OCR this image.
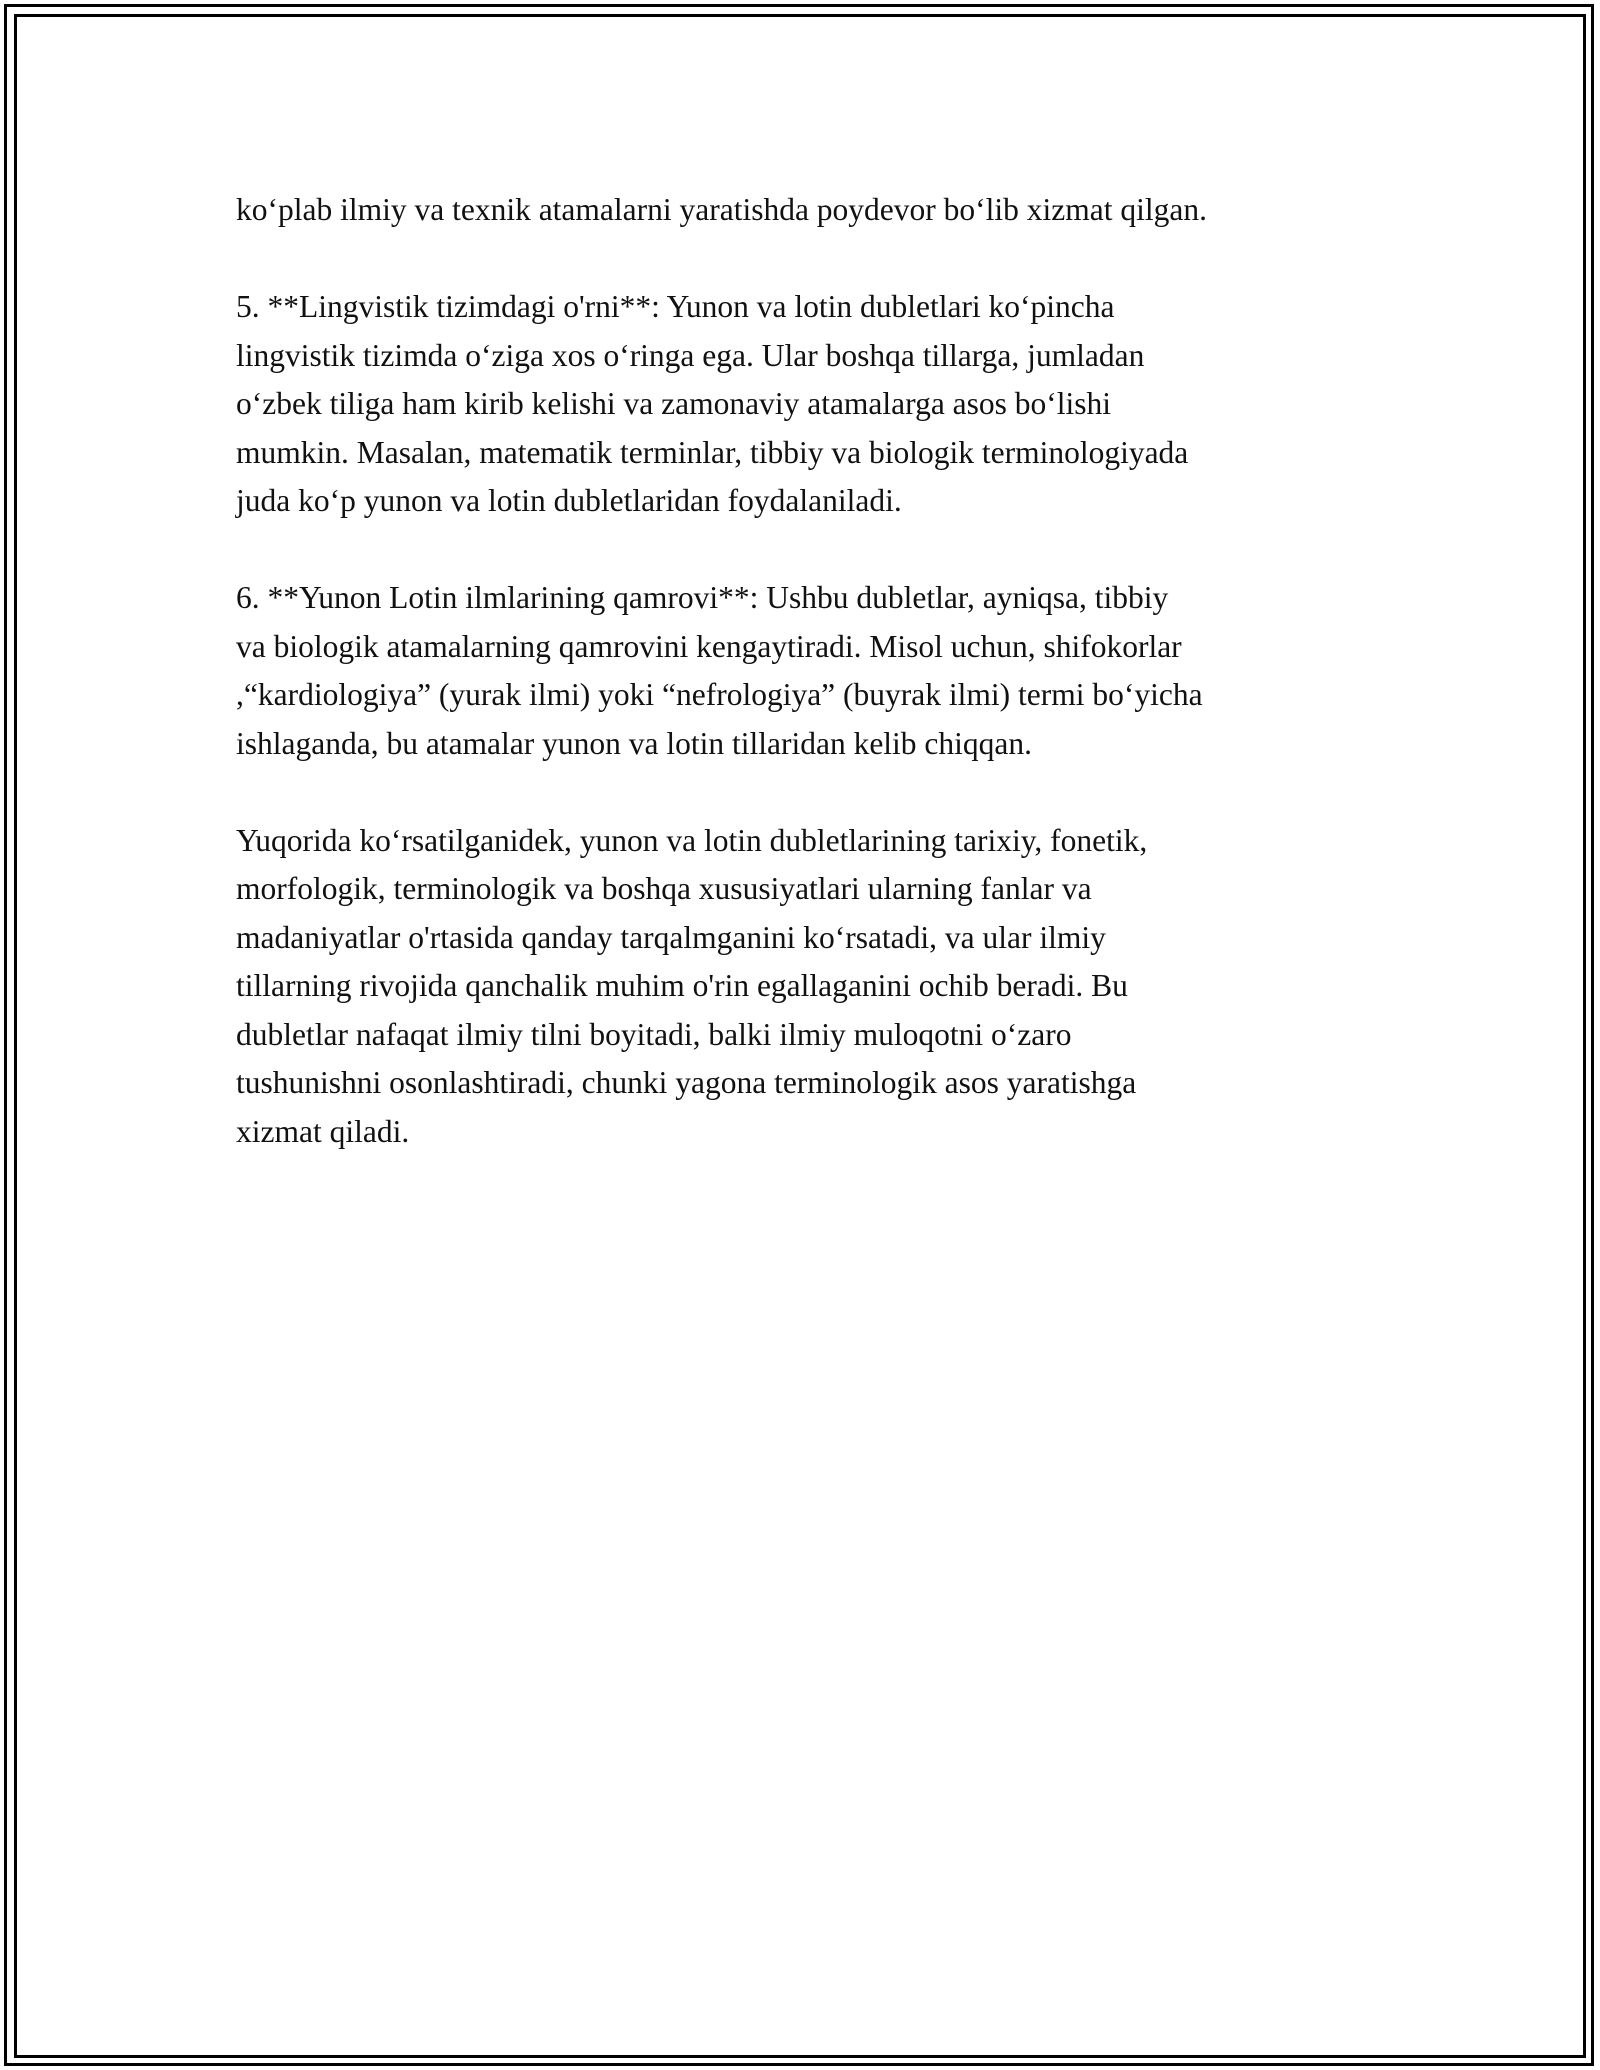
ko‘plab ilmiy va texnik atamalarni yaratishda poydevor bo‘lib xizmat qilgan.

5. **Lingvistik tizimdagi o'rni**: Yunon va lotin dubletlari ko‘pincha
lingvistik tizimda o‘ziga xos o‘ringa ega. Ular boshqa tillarga, jumladan
o‘zbek tiliga ham kirib kelishi va zamonaviy atamalarga asos bo‘lishi
mumkin. Masalan, matematik terminlar, tibbiy va biologik terminologiyada
juda ko‘p yunon va lotin dubletlaridan foydalaniladi.

6. **Yunon Lotin ilmlarining qamrovi**: Ushbu dubletlar, ayniqsa, tibbiy
va biologik atamalarning qamrovini kengaytiradi. Misol uchun, shifokorlar
,“kardiologiya” (yurak ilmi) yoki “nefrologiya” (buyrak ilmi) termi bo‘yicha
ishlaganda, bu atamalar yunon va lotin tillaridan kelib chiqqan.

Yuqorida ko‘rsatilganidek, yunon va lotin dubletlarining tarixiy, fonetik,
morfologik, terminologik va boshqa xususiyatlari ularning fanlar va
madaniyatlar o'rtasida qanday tarqalmganini ko‘rsatadi, va ular ilmiy
tillarning rivojida qanchalik muhim o'rin egallaganini ochib beradi. Bu
dubletlar nafaqat ilmiy tilni boyitadi, balki ilmiy muloqotni o‘zaro
tushunishni osonlashtiradi, chunki yagona terminologik asos yaratishga
xizmat qiladi.
